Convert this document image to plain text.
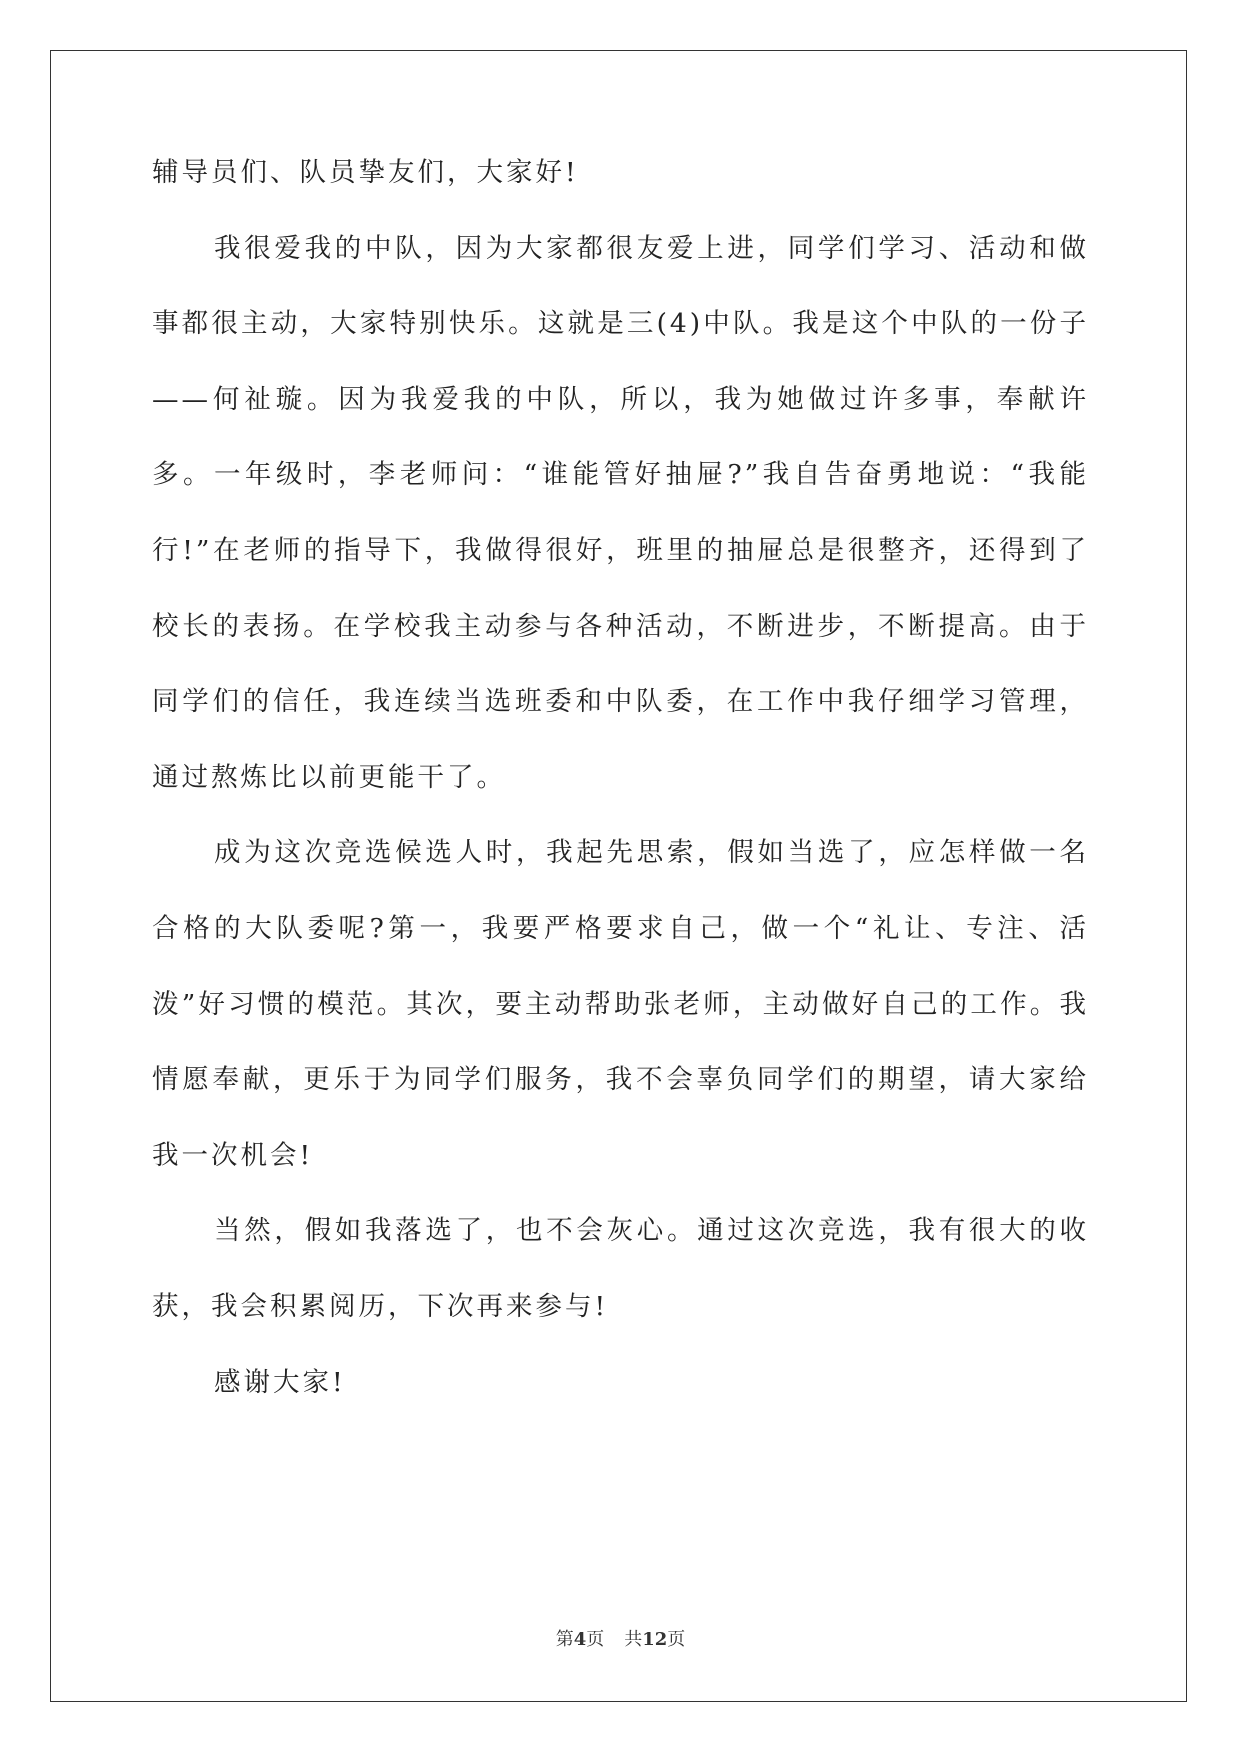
辅导员们、队员挚友们，大家好!

我很爱我的中队，因为大家都很友爱上进，同学们学习、活动和做事都很主动，大家特别快乐。这就是三(4)中队。我是这个中队的一份子——何祉璇。因为我爱我的中队，所以，我为她做过许多事，奉献许多。一年级时，李老师问：“谁能管好抽屉?”我自告奋勇地说：“我能行!”在老师的指导下，我做得很好，班里的抽屉总是很整齐，还得到了校长的表扬。在学校我主动参与各种活动，不断进步，不断提高。由于同学们的信任，我连续当选班委和中队委，在工作中我仔细学习管理，通过熬炼比以前更能干了。

成为这次竞选候选人时，我起先思索，假如当选了，应怎样做一名合格的大队委呢?第一，我要严格要求自己，做一个“礼让、专注、活泼”好习惯的模范。其次，要主动帮助张老师，主动做好自己的工作。我情愿奉献，更乐于为同学们服务，我不会辜负同学们的期望，请大家给我一次机会!

当然，假如我落选了，也不会灰心。通过这次竞选，我有很大的收获，我会积累阅历，下次再来参与!

感谢大家!

第4页 共12页
